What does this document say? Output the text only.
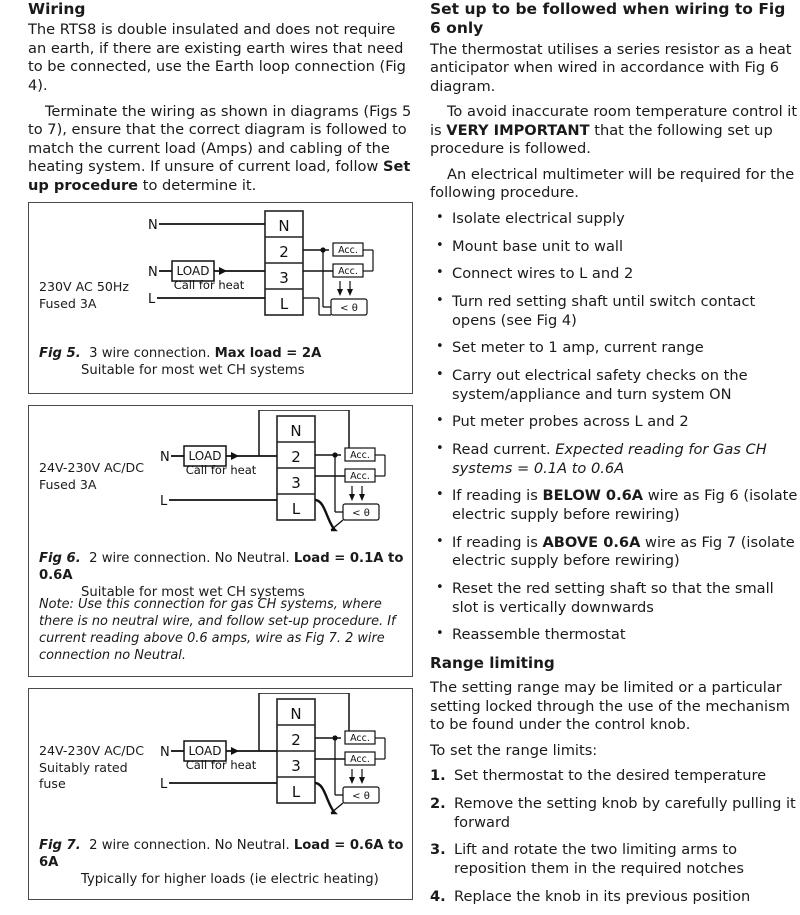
Wiring

The RTS8 is double insulated and does not require an earth, if there are existing earth wires that need to be connected, use the Earth loop connection (Fig 4).

Terminate the wiring as shown in diagrams (Figs 5 to 7), ensure that the correct diagram is followed to match the current load (Amps) and cabling of the heating system. If unsure of current load, follow Set up procedure to determine it.

N
2
3
L
N
N LOAD
Call for heat
L
Acc.
Acc.
< θ
230V AC 50Hz
Fused 3A
Fig 5. 3 wire connection. Max load = 2A
Suitable for most wet CH systems
N
2
3
L
N LOAD
Call for heat
L
Acc.
Acc.
< θ
24V-230V AC/DC
Fused 3A
Fig 6. 2 wire connection. No Neutral. Load = 0.1A to 0.6A
Suitable for most wet CH systems
Note: Use this connection for gas CH systems, where there is no neutral wire, and follow set-up procedure. If current reading above 0.6 amps, wire as Fig 7. 2 wire connection no Neutral.
N
2
3
L
N LOAD
Call for heat
L
Acc.
Acc.
< θ
24V-230V AC/DC
Suitably rated
fuse
Fig 7. 2 wire connection. No Neutral. Load = 0.6A to 6A
Typically for higher loads (ie electric heating)
Set up to be followed when wiring to Fig 6 only

The thermostat utilises a series resistor as a heat anticipator when wired in accordance with Fig 6 diagram.

To avoid inaccurate room temperature control it is VERY IMPORTANT that the following set up procedure is followed.

An electrical multimeter will be required for the following procedure.

• Isolate electrical supply
• Mount base unit to wall
• Connect wires to L and 2
• Turn red setting shaft until switch contact opens (see Fig 4)
• Set meter to 1 amp, current range
• Carry out electrical safety checks on the system/appliance and turn system ON
• Put meter probes across L and 2
• Read current. Expected reading for Gas CH systems = 0.1A to 0.6A
• If reading is BELOW 0.6A wire as Fig 6 (isolate electric supply before rewiring)
• If reading is ABOVE 0.6A wire as Fig 7 (isolate electric supply before rewiring)
• Reset the red setting shaft so that the small slot is vertically downwards
• Reassemble thermostat
Range limiting

The setting range may be limited or a particular setting locked through the use of the mechanism to be found under the control knob.

To set the range limits:

1. Set thermostat to the desired temperature
2. Remove the setting knob by carefully pulling it forward
3. Lift and rotate the two limiting arms to reposition them in the required notches
4. Replace the knob in its previous position
